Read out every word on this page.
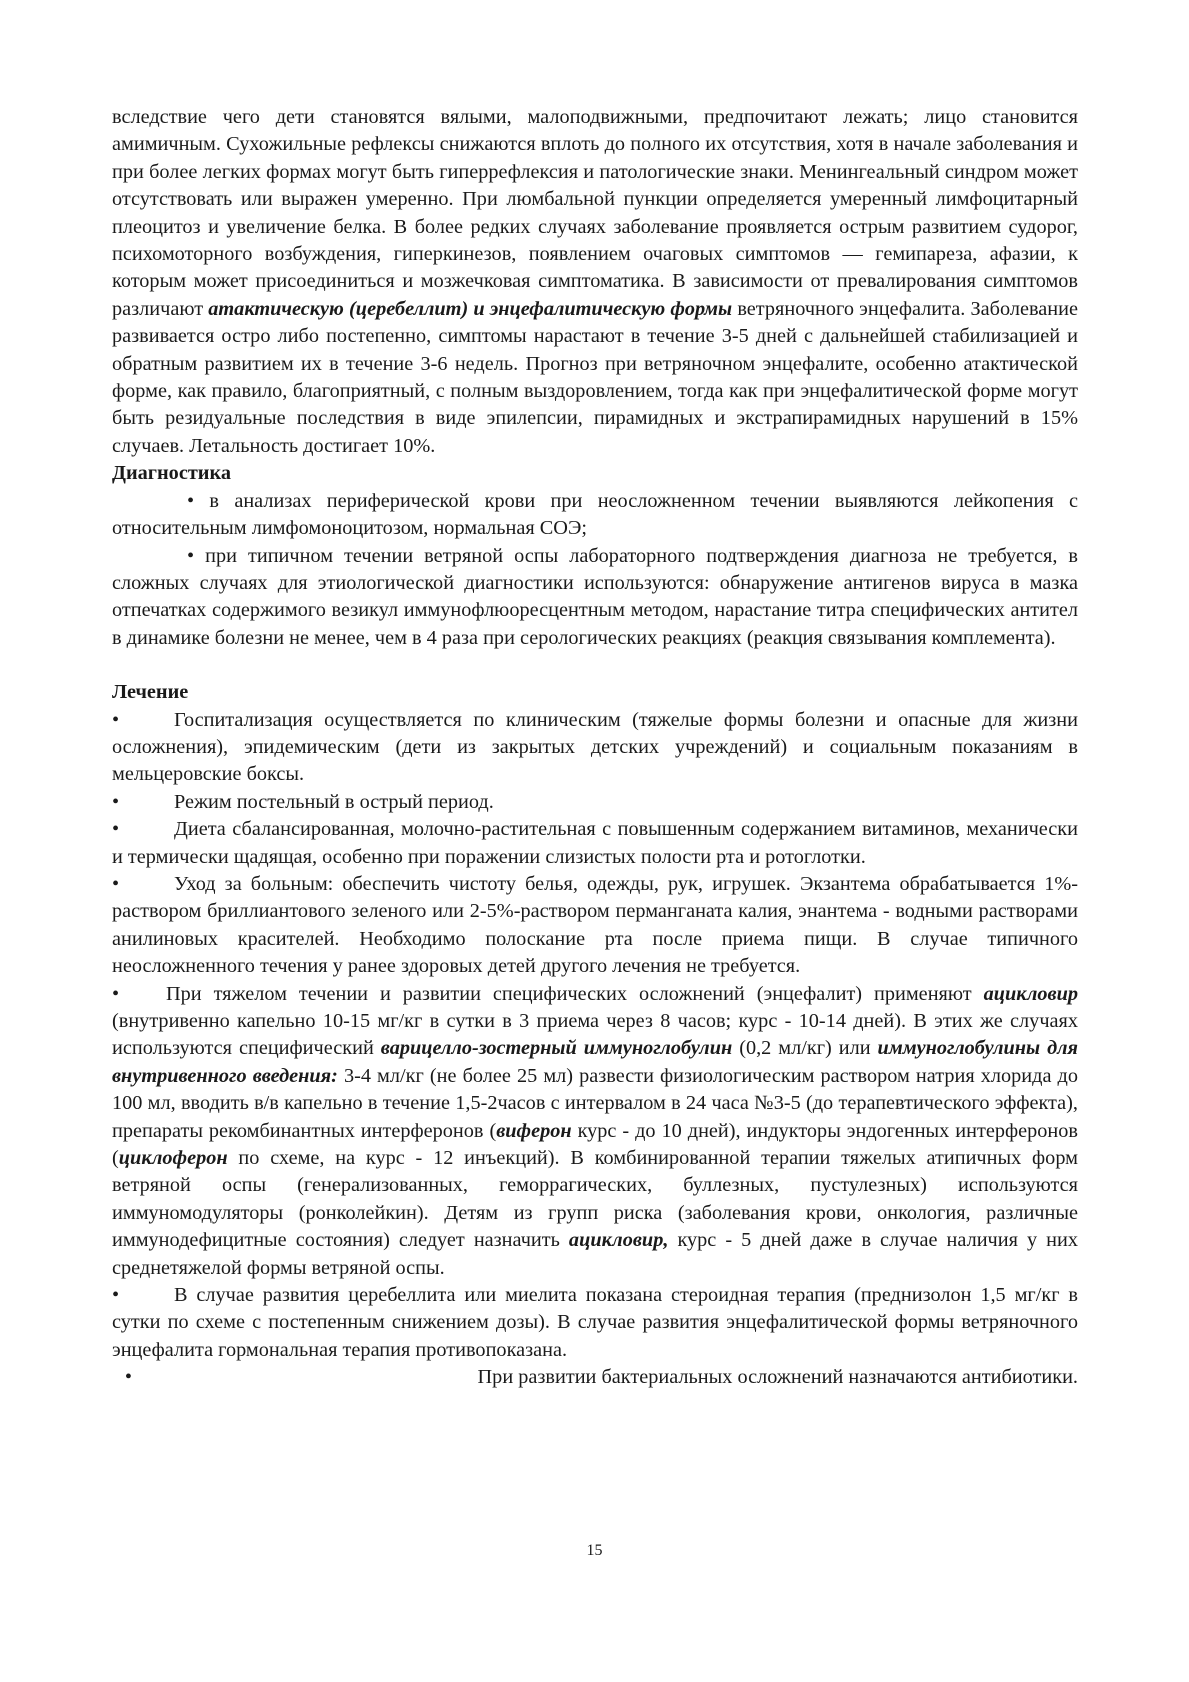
вследствие чего дети становятся вялыми, малоподвижными, предпочитают лежать; лицо становится амимичным. Сухожильные рефлексы снижаются вплоть до полного их отсутствия, хотя в начале заболевания и при более легких формах могут быть гиперрефлексия и патологические знаки. Менингеальный синдром может отсутствовать или выражен умеренно. При люмбальной пункции определяется умеренный лимфоцитарный плеоцитоз и увеличение белка. В более редких случаях заболевание проявляется острым развитием судорог, психомоторного возбуждения, гиперкинезов, появлением очаговых симптомов — гемипареза, афазии, к которым может присоединиться и мозжечковая симптоматика. В зависимости от превалирования симптомов различают атактическую (церебеллит) и энцефалитическую формы ветряночного энцефалита. Заболевание развивается остро либо постепенно, симптомы нарастают в течение 3-5 дней с дальнейшей стабилизацией и обратным развитием их в течение 3-6 недель. Прогноз при ветряночном энцефалите, особенно атактической форме, как правило, благоприятный, с полным выздоровлением, тогда как при энцефалитической форме могут быть резидуальные последствия в виде эпилепсии, пирамидных и экстрапирамидных нарушений в 15% случаев. Летальность достигает 10%.

Диагностика

• в анализах периферической крови при неосложненном течении выявляются лейкопения с относительным лимфомоноцитозом, нормальная СОЭ;

• при типичном течении ветряной оспы лабораторного подтверждения диагноза не требуется, в сложных случаях для этиологической диагностики используются: обнаружение антигенов вируса в мазка отпечатках содержимого везикул иммунофлюоресцентным методом, нарастание титра специфических антител в динамике болезни не менее, чем в 4 раза при серологических реакциях (реакция связывания комплемента).

Лечение

•	Госпитализация осуществляется по клиническим (тяжелые формы болезни и опасные для жизни осложнения), эпидемическим (дети из закрытых детских учреждений) и социальным показаниям в мельцеровские боксы.

•	Режим постельный в острый период.

•	Диета сбалансированная, молочно-растительная с повышенным содержанием витаминов, механически и термически щадящая, особенно при поражении слизистых полости рта и ротоглотки.

•	Уход за больным: обеспечить чистоту белья, одежды, рук, игрушек. Экзантема обрабатывается 1%-раствором бриллиантового зеленого или 2-5%-раствором перманганата калия, энантема - водными растворами анилиновых красителей. Необходимо полоскание рта после приема пищи. В случае типичного неосложненного течения у ранее здоровых детей другого лечения не требуется.

•	При тяжелом течении и развитии специфических осложнений (энцефалит) применяют ацикловир (внутривенно капельно 10-15 мг/кг в сутки в 3 приема через 8 часов; курс - 10-14 дней). В этих же случаях используются специфический варицелло-зостерный иммуноглобулин (0,2 мл/кг) или иммуноглобулины для внутривенного введения: 3-4 мл/кг (не более 25 мл) развести физиологическим раствором натрия хлорида до 100 мл, вводить в/в капельно в течение 1,5-2часов с интервалом в 24 часа №3-5 (до терапевтического эффекта), препараты рекомбинантных интерферонов (виферон курс - до 10 дней), индукторы эндогенных интерферонов (циклоферон по схеме, на курс - 12 инъекций). В комбинированной терапии тяжелых атипичных форм ветряной оспы (генерализованных, геморрагических, буллезных, пустулезных) используются иммуномодуляторы (ронколейкин). Детям из групп риска (заболевания крови, онкология, различные иммунодефицитные состояния) следует назначить ацикловир, курс - 5 дней даже в случае наличия у них среднетяжелой формы ветряной оспы.

•	В случае развития церебеллита или миелита показана стероидная терапия (преднизолон 1,5 мг/кг в сутки по схеме с постепенным снижением дозы). В случае развития энцефалитической формы ветряночного энцефалита гормональная терапия противопоказана.

•	При развитии бактериальных осложнений назначаются антибиотики.

15
